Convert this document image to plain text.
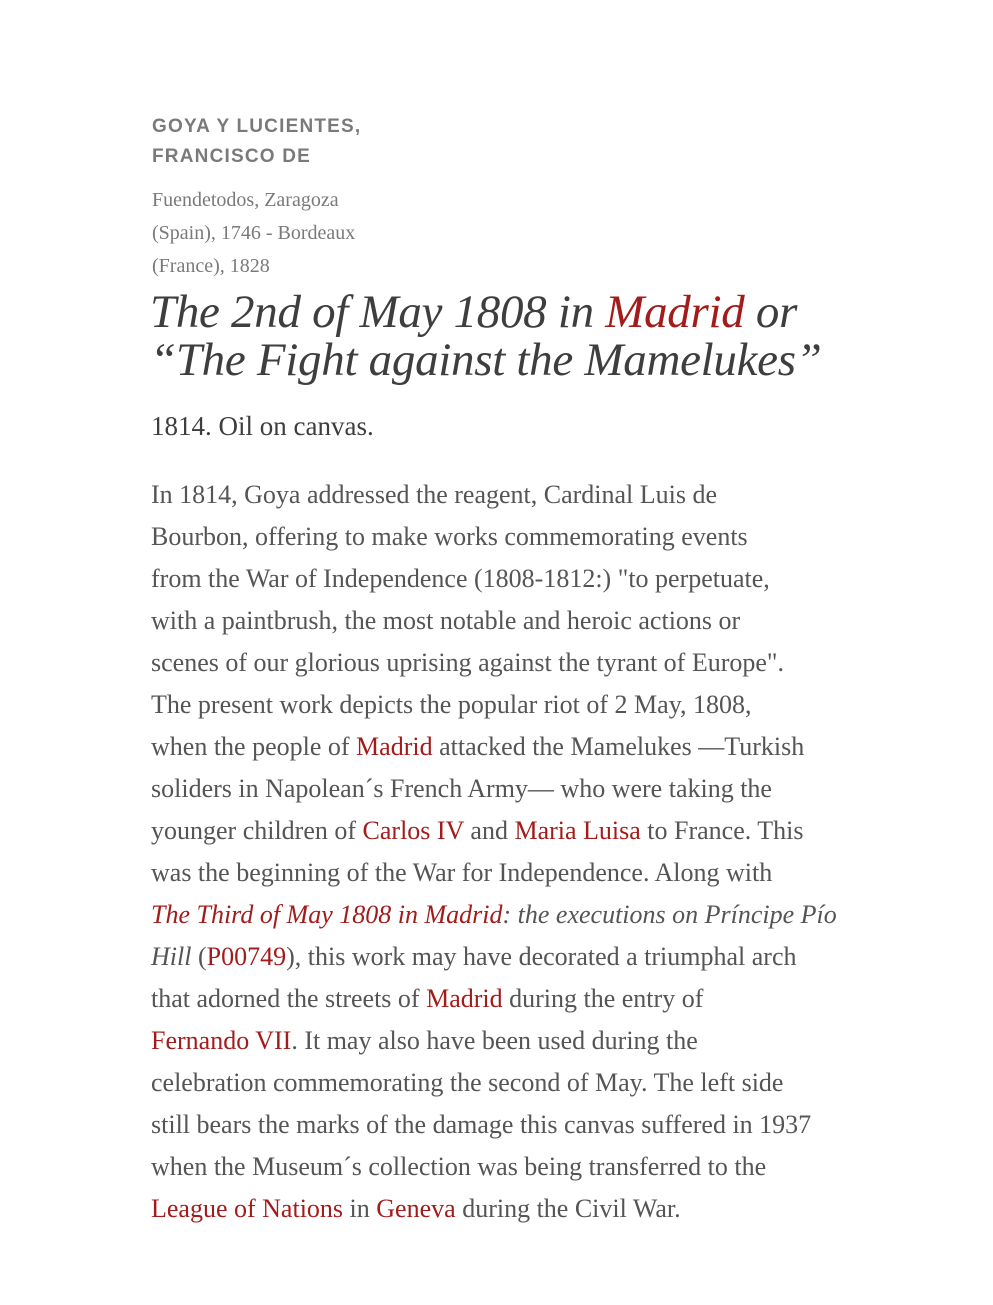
GOYA Y LUCIENTES,
FRANCISCO DE

Fuendetodos, Zaragoza
(Spain), 1746 - Bordeaux
(France), 1828

The 2nd of May 1808 in Madrid or
“The Fight against the Mamelukes”

1814. Oil on canvas.

In 1814, Goya addressed the reagent, Cardinal Luis de
Bourbon, offering to make works commemorating events
from the War of Independence (1808-1812:) "to perpetuate,
with a paintbrush, the most notable and heroic actions or
scenes of our glorious uprising against the tyrant of Europe".
The present work depicts the popular riot of 2 May, 1808,
when the people of Madrid attacked the Mamelukes —Turkish
soliders in Napolean´s French Army— who were taking the
younger children of Carlos IV and Maria Luisa to France. This
was the beginning of the War for Independence. Along with
The Third of May 1808 in Madrid: the executions on Príncipe Pío
Hill (P00749), this work may have decorated a triumphal arch
that adorned the streets of Madrid during the entry of
Fernando VII. It may also have been used during the
celebration commemorating the second of May. The left side
still bears the marks of the damage this canvas suffered in 1937
when the Museum´s collection was being transferred to the
League of Nations in Geneva during the Civil War.
